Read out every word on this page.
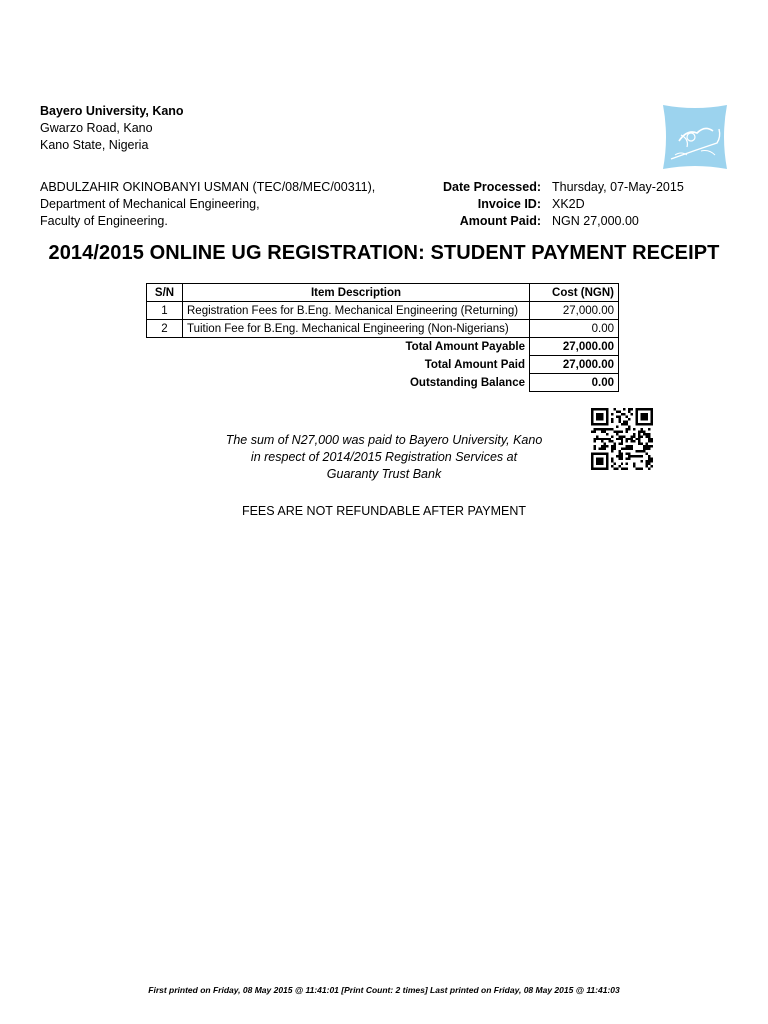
Bayero University, Kano
Gwarzo Road, Kano
Kano State, Nigeria
ABDULZAHIR OKINOBANYI USMAN (TEC/08/MEC/00311),
Department of Mechanical Engineering,
Faculty of Engineering.
Date Processed: Thursday, 07-May-2015
Invoice ID: XK2D
Amount Paid: NGN 27,000.00
2014/2015 ONLINE UG REGISTRATION: STUDENT PAYMENT RECEIPT
S/N	Item Description	Cost (NGN)
1	Registration Fees for B.Eng. Mechanical Engineering (Returning)	27,000.00
2	Tuition Fee for B.Eng. Mechanical Engineering (Non-Nigerians)	0.00
Total Amount Payable		27,000.00
Total Amount Paid		27,000.00
Outstanding Balance		0.00
The sum of N27,000 was paid to Bayero University, Kano
in respect of 2014/2015 Registration Services at
Guaranty Trust Bank
FEES ARE NOT REFUNDABLE AFTER PAYMENT
First printed on Friday, 08 May 2015 @ 11:41:01 [Print Count: 2 times] Last printed on Friday, 08 May 2015 @ 11:41:03
